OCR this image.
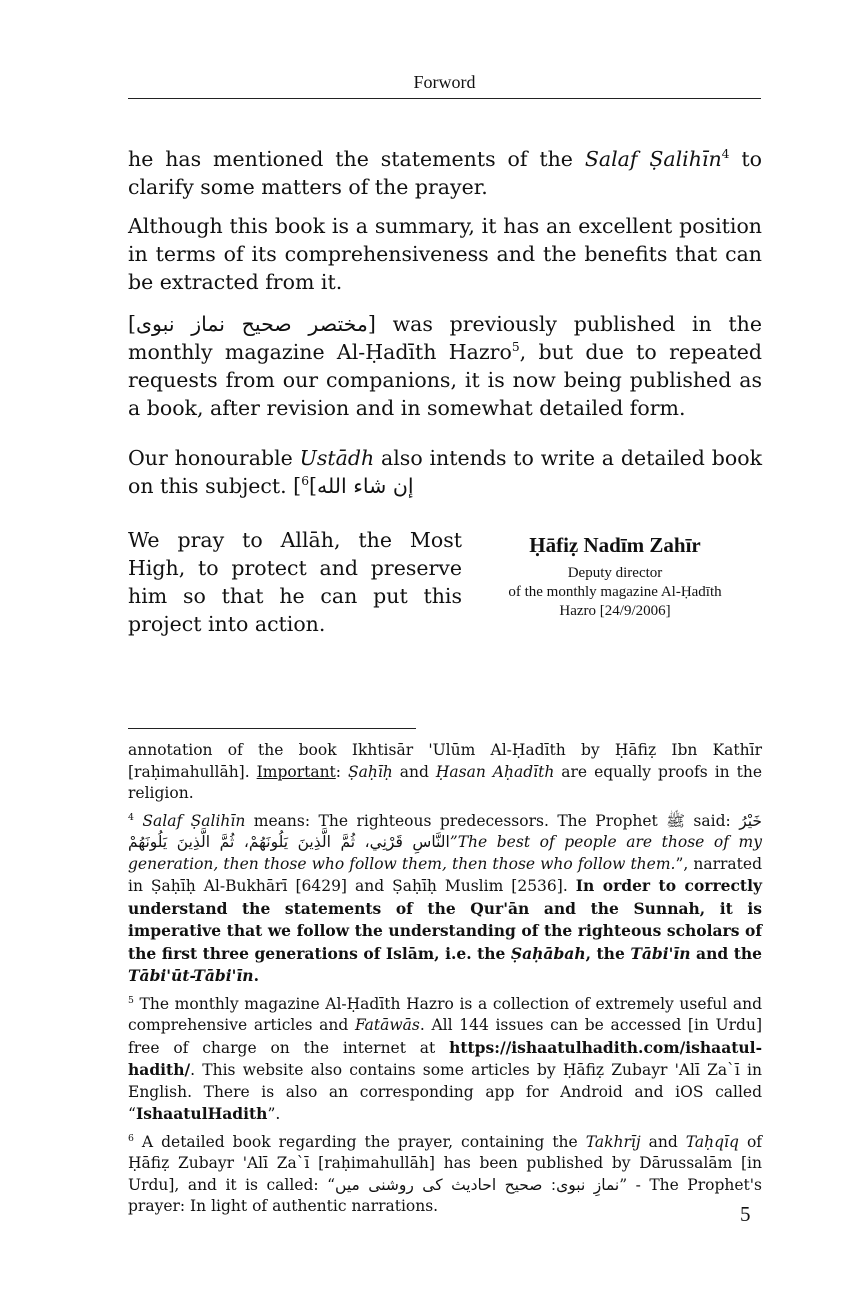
Forword

he has mentioned the statements of the Salaf Ṣalihīn$^4$ to clarify some matters of the prayer.

Although this book is a summary, it has an excellent position in terms of its comprehensiveness and the benefits that can be extracted from it.

[مختصر صحیح نماز نبوی] was previously published in the monthly magazine Al-Ḥadīth Hazro$^5$, but due to repeated requests from our companions, it is now being published as a book, after revision and in somewhat detailed form.

Our honourable Ustādh also intends to write a detailed book on this subject. [ إن شاء الله]$^6$

We pray to Allāh, the Most High, to protect and preserve him so that he can put this project into action.
Ḥāfiẓ Nadīm Zahīr
Deputy director
of the monthly magazine Al-Ḥadīth
Hazro [24/9/2006]

annotation of the book Ikhtisār 'Ulūm Al-Ḥadīth by Ḥāfiẓ Ibn Kathīr [raḥimahullāh]. Important: Ṣaḥīḥ and Ḥasan Aḥadīth are equally proofs in the religion.

$^4$ Salaf Ṣalihīn means: The righteous predecessors. The Prophet ﷺ said: خَيْرُ النَّاسِ قَرْنِي، ثُمَّ الَّذِينَ يَلُونَهُمْ، ثُمَّ الَّذِينَ يَلُونَهُمْ”The best of people are those of my generation, then those who follow them, then those who follow them.”, narrated in Ṣaḥīḥ Al-Bukhārī [6429] and Ṣaḥīḥ Muslim [2536]. In order to correctly understand the statements of the Qur'ān and the Sunnah, it is imperative that we follow the understanding of the righteous scholars of the first three generations of Islām, i.e. the Ṣaḥābah, the Tābi'īn and the Tābi'ūt-Tābi'īn.

$^5$ The monthly magazine Al-Ḥadīth Hazro is a collection of extremely useful and comprehensive articles and Fatāwās. All 144 issues can be accessed [in Urdu] free of charge on the internet at https://ishaatulhadith.com/ishaatul-hadith/. This website also contains some articles by Ḥāfiẓ Zubayr 'Alī Za`ī in English. There is also an corresponding app for Android and iOS called “IshaatulHadith”.

$^6$ A detailed book regarding the prayer, containing the Takhrīj and Taḥqīq of Ḥāfiẓ Zubayr 'Alī Za`ī [raḥimahullāh] has been published by Dārussalām [in Urdu], and it is called: “نمازِ نبوی: صحیح احادیث کی روشنی میں” - The Prophet's prayer: In light of authentic narrations.	5
